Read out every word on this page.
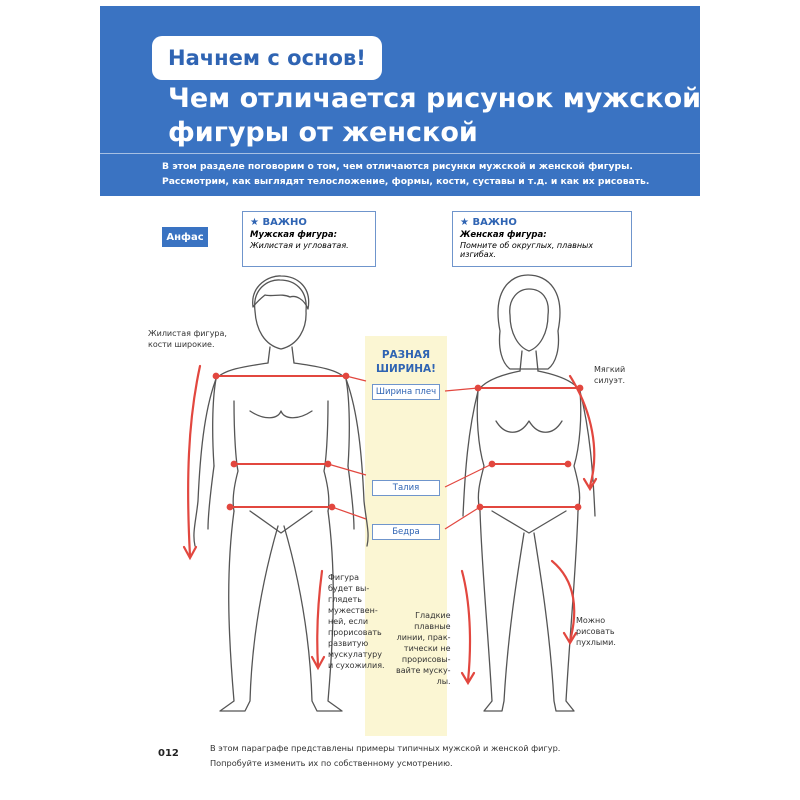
Начнем с основ!
Чем отличается рисунок мужской
фигуры от женской
В этом разделе поговорим о том, чем отличаются рисунки мужской и женской фигуры.
Рассмотрим, как выглядят телосложение, формы, кости, суставы и т.д. и как их рисовать.
Анфас
★ ВАЖНО
Мужская фигура:
Жилистая и угловатая.
★ ВАЖНО
Женская фигура:
Помните об округлых, плавных изгибах.
РАЗНАЯ
ШИРИНА!
Ширина плеч
Талия
Бедра
Жилистая фигура,
кости широкие.
Мягкий
силуэт.
Фигура
будет вы-
глядеть
мужествен-
ней, если
прорисовать
развитую
мускулатуру
и сухожилия.
Гладкие
плавные
линии, прак-
тически не
прорисовы-
вайте муску-
лы.
Можно
рисовать
пухлыми.
012	В этом параграфе представлены примеры типичных мужской и женской фигур.
Попробуйте изменить их по собственному усмотрению.
